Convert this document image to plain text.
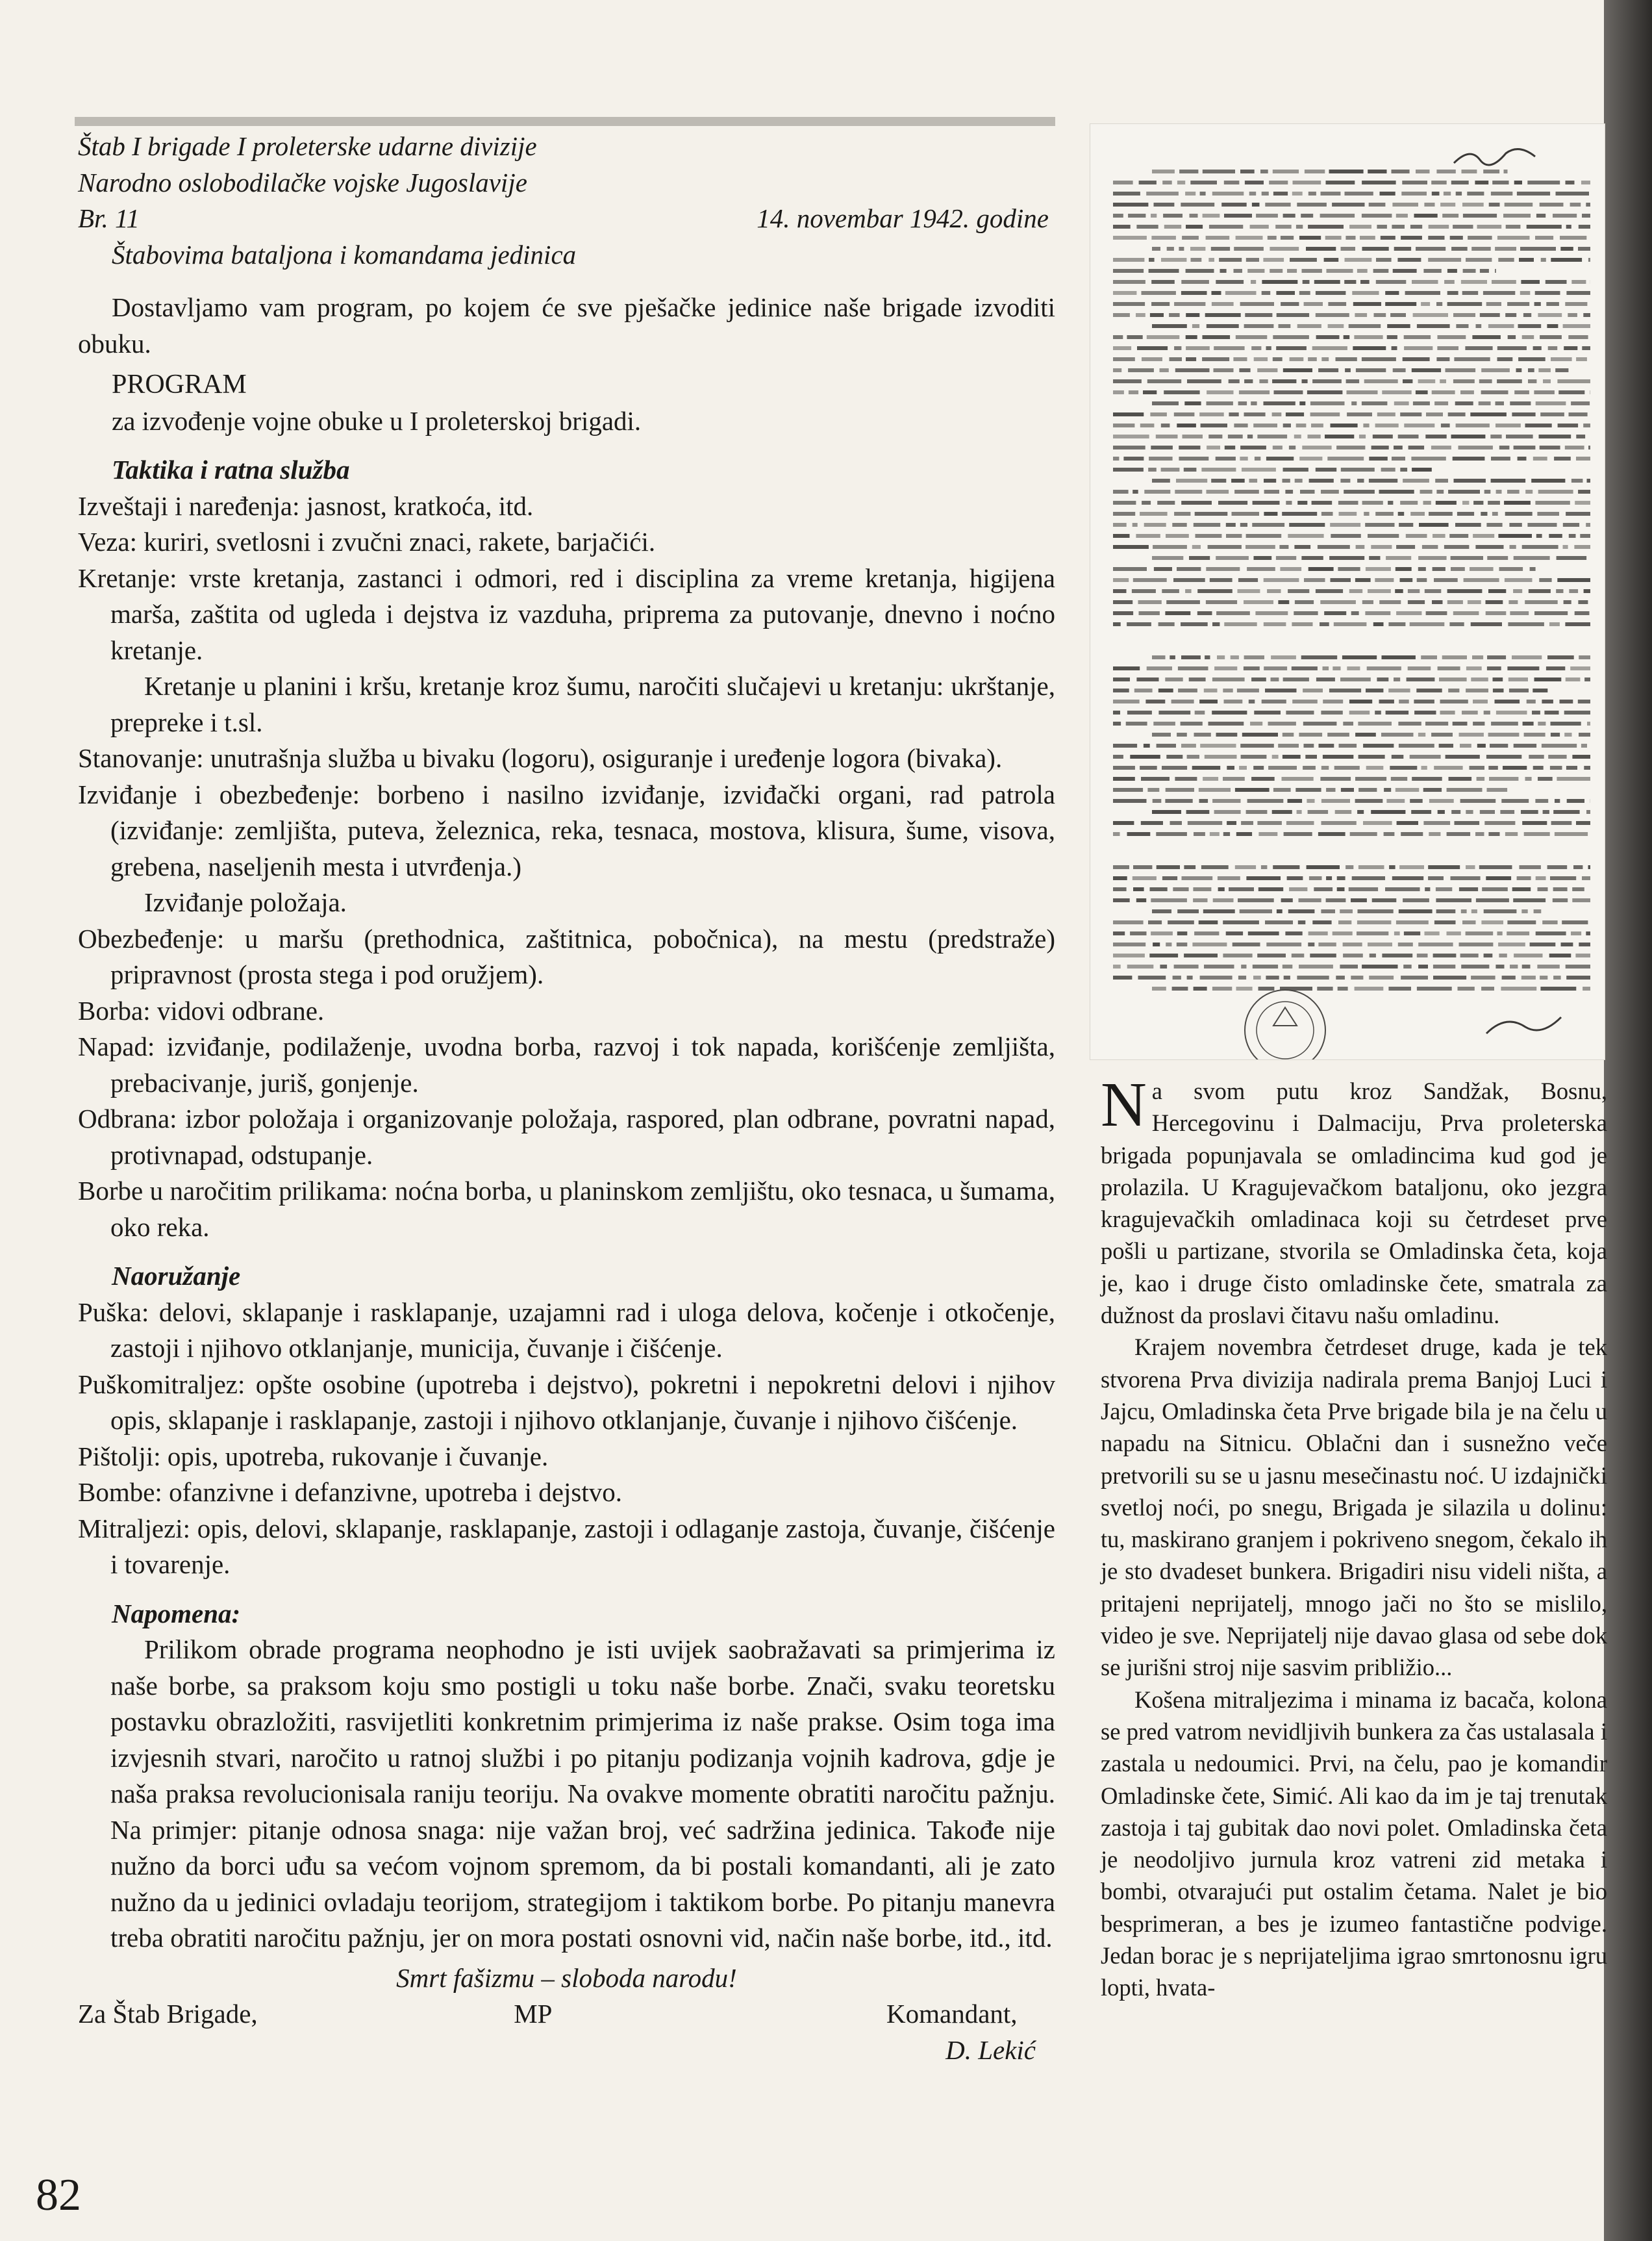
Štab I brigade I proleterske udarne divizije

Narodno oslobodilačke vojske Jugoslavije

Br. 11	14. novembar 1942. godine

Štabovima bataljona i komandama jedinica

Dostavljamo vam program, po kojem će sve pješačke jedinice naše brigade izvoditi obuku.

PROGRAM

za izvođenje vojne obuke u I proleterskoj brigadi.

Taktika i ratna služba

Izveštaji i naređenja: jasnost, kratkoća, itd.

Veza: kuriri, svetlosni i zvučni znaci, rakete, barjačići.

Kretanje: vrste kretanja, zastanci i odmori, red i disciplina za vreme kretanja, higijena marša, zaštita od ugleda i dejstva iz vazduha, priprema za putovanje, dnevno i noćno kretanje.

Kretanje u planini i kršu, kretanje kroz šumu, naročiti slučajevi u kretanju: ukrštanje, prepreke i t.sl.

Stanovanje: unutrašnja služba u bivaku (logoru), osiguranje i uređenje logora (bivaka).

Izviđanje i obezbeđenje: borbeno i nasilno izviđanje, izviđački organi, rad patrola (izviđanje: zemljišta, puteva, železnica, reka, tesnaca, mostova, klisura, šume, visova, grebena, naseljenih mesta i utvrđenja.)

Izviđanje položaja.

Obezbeđenje: u maršu (prethodnica, zaštitnica, pobočnica), na mestu (predstraže) pripravnost (prosta stega i pod oružjem).

Borba: vidovi odbrane.

Napad: izviđanje, podilaženje, uvodna borba, razvoj i tok napada, korišćenje zemljišta, prebacivanje, juriš, gonjenje.

Odbrana: izbor položaja i organizovanje položaja, raspored, plan odbrane, povratni napad, protivnapad, odstupanje.

Borbe u naročitim prilikama: noćna borba, u planinskom zemljištu, oko tesnaca, u šumama, oko reka.

Naoružanje

Puška: delovi, sklapanje i rasklapanje, uzajamni rad i uloga delova, kočenje i otkočenje, zastoji i njihovo otklanjanje, municija, čuvanje i čišćenje.

Puškomitraljez: opšte osobine (upotreba i dejstvo), pokretni i nepokretni delovi i njihov opis, sklapanje i rasklapanje, zastoji i njihovo otklanjanje, čuvanje i njihovo čišćenje.

Pištolji: opis, upotreba, rukovanje i čuvanje.

Bombe: ofanzivne i defanzivne, upotreba i dejstvo.

Mitraljezi: opis, delovi, sklapanje, rasklapanje, zastoji i odlaganje zastoja, čuvanje, čišćenje i tovarenje.

Napomena:

Prilikom obrade programa neophodno je isti uvijek saobražavati sa primjerima iz naše borbe, sa praksom koju smo postigli u toku naše borbe. Znači, svaku teoretsku postavku obrazložiti, rasvijetliti konkretnim primjerima iz naše prakse. Osim toga ima izvjesnih stvari, naročito u ratnoj službi i po pitanju podizanja vojnih kadrova, gdje je naša praksa revolucionisala raniju teoriju. Na ovakve momente obratiti naročitu pažnju. Na primjer: pitanje odnosa snaga: nije važan broj, već sadržina jedinica. Takođe nije nužno da borci uđu sa većom vojnom spremom, da bi postali komandanti, ali je zato nužno da u jedinici ovladaju teorijom, strategijom i taktikom borbe. Po pitanju manevra treba obratiti naročitu pažnju, jer on mora postati osnovni vid, način naše borbe, itd., itd.

Smrt fašizmu – sloboda narodu!

Za Štab Brigade,	MP	Komandant,

D. Lekić

82

Na svom putu kroz Sandžak, Bosnu, Hercegovinu i Dalmaciju, Prva proleterska brigada popunjavala se omladincima kud god je prolazila. U Kragujevačkom bataljonu, oko jezgra kragujevačkih omladinaca koji su četrdeset prve pošli u partizane, stvorila se Omladinska četa, koja je, kao i druge čisto omladinske čete, smatrala za dužnost da proslavi čitavu našu omladinu.

Krajem novembra četrdeset druge, kada je tek stvorena Prva divizija nadirala prema Banjoj Luci i Jajcu, Omladinska četa Prve brigade bila je na čelu u napadu na Sitnicu. Oblačni dan i susnežno veče pretvorili su se u jasnu mesečinastu noć. U izdajnički svetloj noći, po snegu, Brigada je silazila u dolinu: tu, maskirano granjem i pokriveno snegom, čekalo ih je sto dvadeset bunkera. Brigadiri nisu videli ništa, a pritajeni neprijatelj, mnogo jači no što se mislilo, video je sve. Neprijatelj nije davao glasa od sebe dok se jurišni stroj nije sasvim približio...

Košena mitraljezima i minama iz bacača, kolona se pred vatrom nevidljivih bunkera za čas ustalasala i zastala u nedoumici. Prvi, na čelu, pao je komandir Omladinske čete, Simić. Ali kao da im je taj trenutak zastoja i taj gubitak dao novi polet. Omladinska četa je neodoljivo jurnula kroz vatreni zid metaka i bombi, otvarajući put ostalim četama. Nalet je bio besprimeran, a bes je izumeo fantastične podvige. Jedan borac je s neprijateljima igrao smrtonosnu igru lopti, hvata-
